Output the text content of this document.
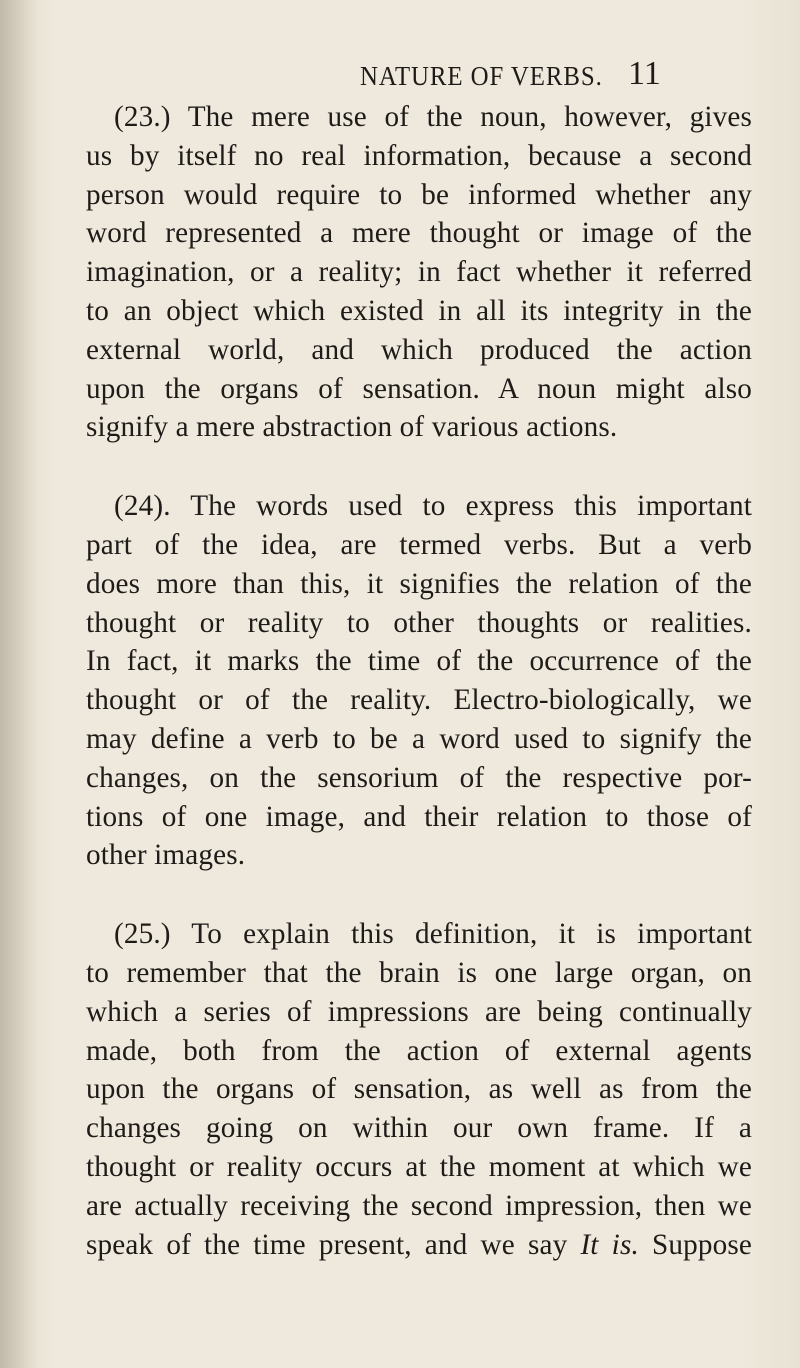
NATURE OF VERBS. 11
(23.) The mere use of the noun, however, gives
us by itself no real information, because a second
person would require to be informed whether any
word represented a mere thought or image of the
imagination, or a reality; in fact whether it referred
to an object which existed in all its integrity in the
external world, and which produced the action
upon the organs of sensation. A noun might also
signify a mere abstraction of various actions.
(24). The words used to express this important
part of the idea, are termed verbs. But a verb
does more than this, it signifies the relation of the
thought or reality to other thoughts or realities.
In fact, it marks the time of the occurrence of the
thought or of the reality. Electro-biologically, we
may define a verb to be a word used to signify the
changes, on the sensorium of the respective por-
tions of one image, and their relation to those of
other images.
(25.) To explain this definition, it is important
to remember that the brain is one large organ, on
which a series of impressions are being continually
made, both from the action of external agents
upon the organs of sensation, as well as from the
changes going on within our own frame. If a
thought or reality occurs at the moment at which we
are actually receiving the second impression, then we
speak of the time present, and we say It is. Suppose
